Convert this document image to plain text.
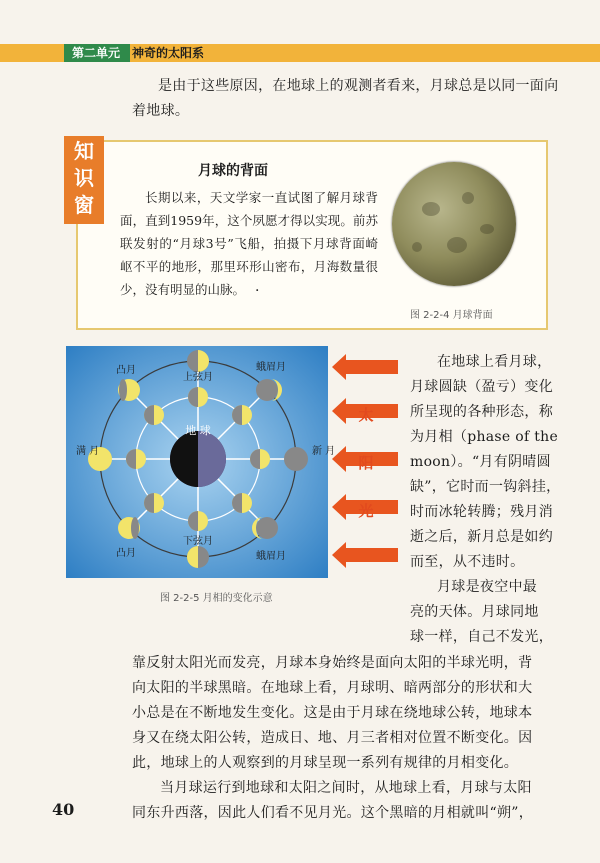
第二单元 神奇的太阳系
是由于这些原因，在地球上的观测者看来，月球总是以同一面向
着地球。
知
识
窗
月球的背面
长期以来，天文学家一直试图了解月球背面，直到1959年，这个夙愿才得以实现。前苏联发射的“月球3号”飞船，拍摄下月球背面崎岖不平的地形，那里环形山密布，月海数量很少，没有明显的山脉。 ·
图 2-2-4 月球背面
地 球
上弦月
下弦月
凸月
凸月
蛾眉月
蛾眉月
满 月	新 月
太
阳
光
图 2-2-5 月相的变化示意
在地球上看月球，
月球圆缺（盈亏）变化
所呈现的各种形态，称
为月相（phase of the
moon）。“月有阴晴圆
缺”，它时而一钩斜挂，
时而冰轮转腾；残月消
逝之后，新月总是如约
而至，从不违时。
月球是夜空中最
亮的天体。月球同地
球一样，自己不发光，
靠反射太阳光而发亮，月球本身始终是面向太阳的半球光明，背
向太阳的半球黑暗。在地球上看，月球明、暗两部分的形状和大
小总是在不断地发生变化。这是由于月球在绕地球公转，地球本
身又在绕太阳公转，造成日、地、月三者相对位置不断变化。因
此，地球上的人观察到的月球呈现一系列有规律的月相变化。
当月球运行到地球和太阳之间时，从地球上看，月球与太阳
同东升西落，因此人们看不见月光。这个黑暗的月相就叫“朔”，
40
